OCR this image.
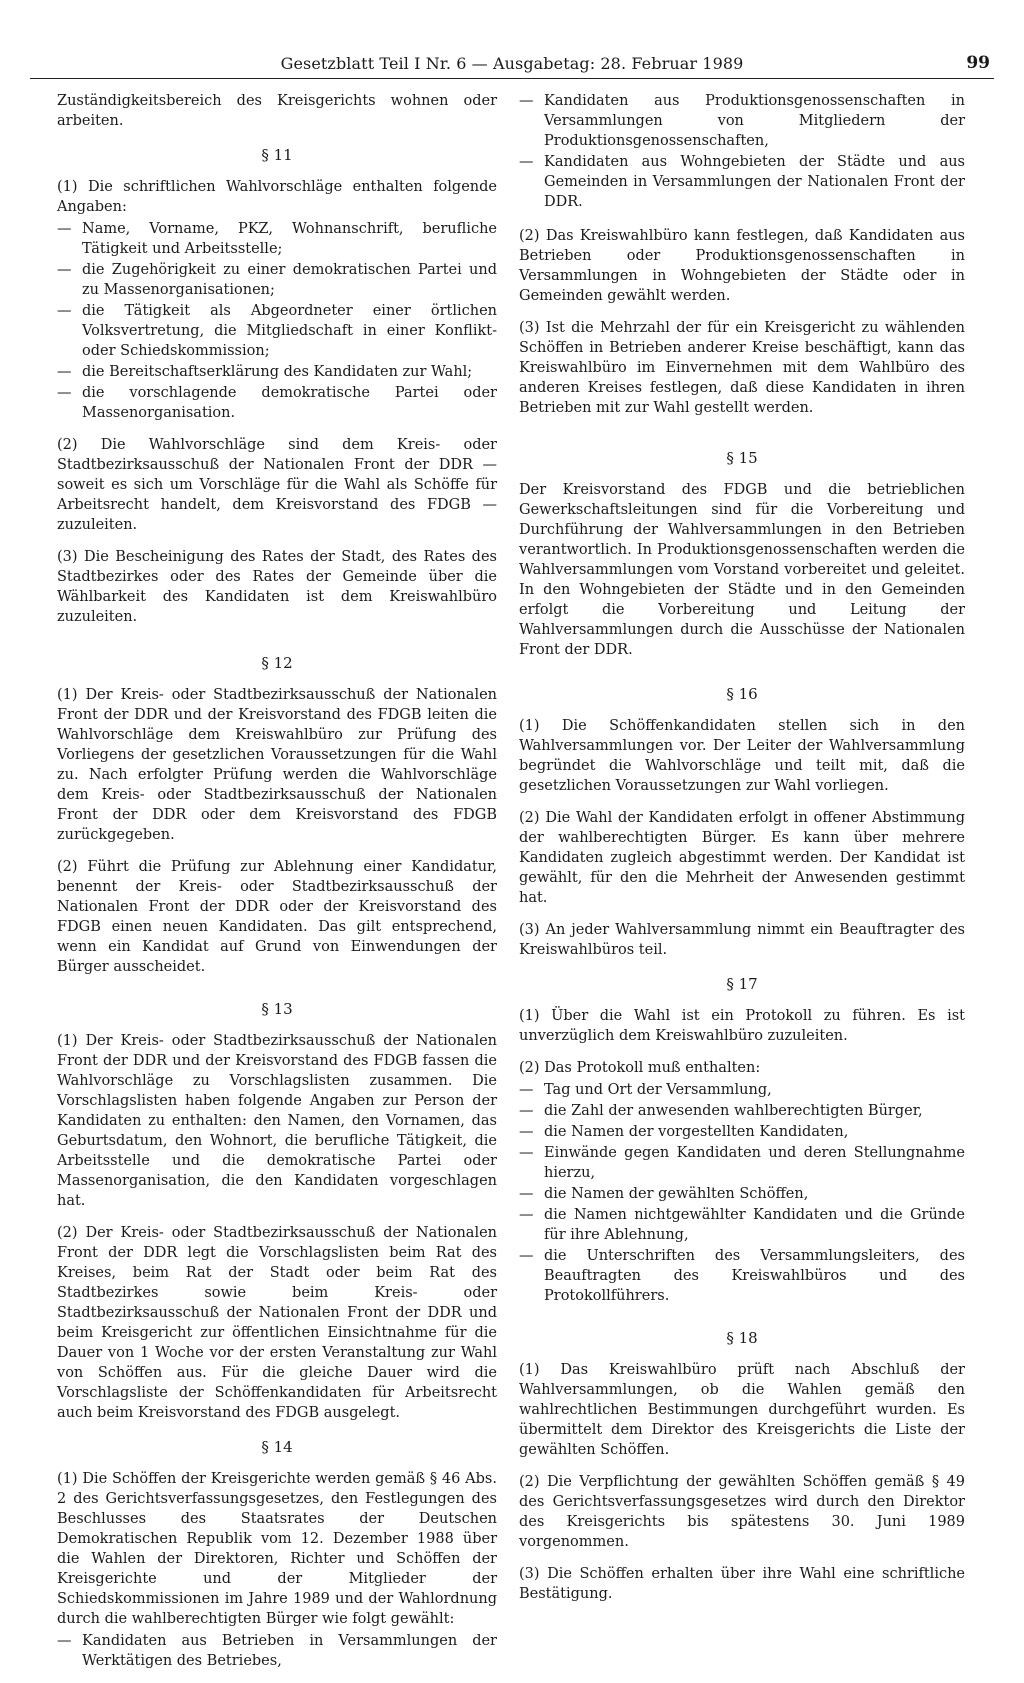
Gesetzblatt Teil I Nr. 6 — Ausgabetag: 28. Februar 1989	99

Zuständigkeitsbereich des Kreisgerichts wohnen oder arbeiten.

§ 11

(1) Die schriftlichen Wahlvorschläge enthalten folgende Angaben:

— Name, Vorname, PKZ, Wohnanschrift, berufliche Tätigkeit und Arbeitsstelle;
— die Zugehörigkeit zu einer demokratischen Partei und zu Massenorganisationen;
— die Tätigkeit als Abgeordneter einer örtlichen Volksvertretung, die Mitgliedschaft in einer Konflikt- oder Schiedskommission;
— die Bereitschaftserklärung des Kandidaten zur Wahl;
— die vorschlagende demokratische Partei oder Massenorganisation.

(2) Die Wahlvorschläge sind dem Kreis- oder Stadtbezirksausschuß der Nationalen Front der DDR — soweit es sich um Vorschläge für die Wahl als Schöffe für Arbeitsrecht handelt, dem Kreisvorstand des FDGB — zuzuleiten.

(3) Die Bescheinigung des Rates der Stadt, des Rates des Stadtbezirkes oder des Rates der Gemeinde über die Wählbarkeit des Kandidaten ist dem Kreiswahlbüro zuzuleiten.

§ 12

(1) Der Kreis- oder Stadtbezirksausschuß der Nationalen Front der DDR und der Kreisvorstand des FDGB leiten die Wahlvorschläge dem Kreiswahlbüro zur Prüfung des Vorliegens der gesetzlichen Voraussetzungen für die Wahl zu. Nach erfolgter Prüfung werden die Wahlvorschläge dem Kreis- oder Stadtbezirksausschuß der Nationalen Front der DDR oder dem Kreisvorstand des FDGB zurückgegeben.

(2) Führt die Prüfung zur Ablehnung einer Kandidatur, benennt der Kreis- oder Stadtbezirksausschuß der Nationalen Front der DDR oder der Kreisvorstand des FDGB einen neuen Kandidaten. Das gilt entsprechend, wenn ein Kandidat auf Grund von Einwendungen der Bürger ausscheidet.

§ 13

(1) Der Kreis- oder Stadtbezirksausschuß der Nationalen Front der DDR und der Kreisvorstand des FDGB fassen die Wahlvorschläge zu Vorschlagslisten zusammen. Die Vorschlagslisten haben folgende Angaben zur Person der Kandidaten zu enthalten: den Namen, den Vornamen, das Geburtsdatum, den Wohnort, die berufliche Tätigkeit, die Arbeitsstelle und die demokratische Partei oder Massenorganisation, die den Kandidaten vorgeschlagen hat.

(2) Der Kreis- oder Stadtbezirksausschuß der Nationalen Front der DDR legt die Vorschlagslisten beim Rat des Kreises, beim Rat der Stadt oder beim Rat des Stadtbezirkes sowie beim Kreis- oder Stadtbezirksausschuß der Nationalen Front der DDR und beim Kreisgericht zur öffentlichen Einsichtnahme für die Dauer von 1 Woche vor der ersten Veranstaltung zur Wahl von Schöffen aus. Für die gleiche Dauer wird die Vorschlagsliste der Schöffenkandidaten für Arbeitsrecht auch beim Kreisvorstand des FDGB ausgelegt.

§ 14

(1) Die Schöffen der Kreisgerichte werden gemäß § 46 Abs. 2 des Gerichtsverfassungsgesetzes, den Festlegungen des Beschlusses des Staatsrates der Deutschen Demokratischen Republik vom 12. Dezember 1988 über die Wahlen der Direktoren, Richter und Schöffen der Kreisgerichte und der Mitglieder der Schiedskommissionen im Jahre 1989 und der Wahlordnung durch die wahlberechtigten Bürger wie folgt gewählt:

— Kandidaten aus Betrieben in Versammlungen der Werktätigen des Betriebes,
— Kandidaten aus Produktionsgenossenschaften in Versammlungen von Mitgliedern der Produktionsgenossenschaften,
— Kandidaten aus Wohngebieten der Städte und aus Gemeinden in Versammlungen der Nationalen Front der DDR.

(2) Das Kreiswahlbüro kann festlegen, daß Kandidaten aus Betrieben oder Produktionsgenossenschaften in Versammlungen in Wohngebieten der Städte oder in Gemeinden gewählt werden.

(3) Ist die Mehrzahl der für ein Kreisgericht zu wählenden Schöffen in Betrieben anderer Kreise beschäftigt, kann das Kreiswahlbüro im Einvernehmen mit dem Wahlbüro des anderen Kreises festlegen, daß diese Kandidaten in ihren Betrieben mit zur Wahl gestellt werden.

§ 15

Der Kreisvorstand des FDGB und die betrieblichen Gewerkschaftsleitungen sind für die Vorbereitung und Durchführung der Wahlversammlungen in den Betrieben verantwortlich. In Produktionsgenossenschaften werden die Wahlversammlungen vom Vorstand vorbereitet und geleitet. In den Wohngebieten der Städte und in den Gemeinden erfolgt die Vorbereitung und Leitung der Wahlversammlungen durch die Ausschüsse der Nationalen Front der DDR.

§ 16

(1) Die Schöffenkandidaten stellen sich in den Wahlversammlungen vor. Der Leiter der Wahlversammlung begründet die Wahlvorschläge und teilt mit, daß die gesetzlichen Voraussetzungen zur Wahl vorliegen.

(2) Die Wahl der Kandidaten erfolgt in offener Abstimmung der wahlberechtigten Bürger. Es kann über mehrere Kandidaten zugleich abgestimmt werden. Der Kandidat ist gewählt, für den die Mehrheit der Anwesenden gestimmt hat.

(3) An jeder Wahlversammlung nimmt ein Beauftragter des Kreiswahlbüros teil.

§ 17

(1) Über die Wahl ist ein Protokoll zu führen. Es ist unverzüglich dem Kreiswahlbüro zuzuleiten.

(2) Das Protokoll muß enthalten:

— Tag und Ort der Versammlung,
— die Zahl der anwesenden wahlberechtigten Bürger,
— die Namen der vorgestellten Kandidaten,
— Einwände gegen Kandidaten und deren Stellungnahme hierzu,
— die Namen der gewählten Schöffen,
— die Namen nichtgewählter Kandidaten und die Gründe für ihre Ablehnung,
— die Unterschriften des Versammlungsleiters, des Beauftragten des Kreiswahlbüros und des Protokollführers.
§ 18

(1) Das Kreiswahlbüro prüft nach Abschluß der Wahlversammlungen, ob die Wahlen gemäß den wahlrechtlichen Bestimmungen durchgeführt wurden. Es übermittelt dem Direktor des Kreisgerichts die Liste der gewählten Schöffen.

(2) Die Verpflichtung der gewählten Schöffen gemäß § 49 des Gerichtsverfassungsgesetzes wird durch den Direktor des Kreisgerichts bis spätestens 30. Juni 1989 vorgenommen.

(3) Die Schöffen erhalten über ihre Wahl eine schriftliche Bestätigung.
